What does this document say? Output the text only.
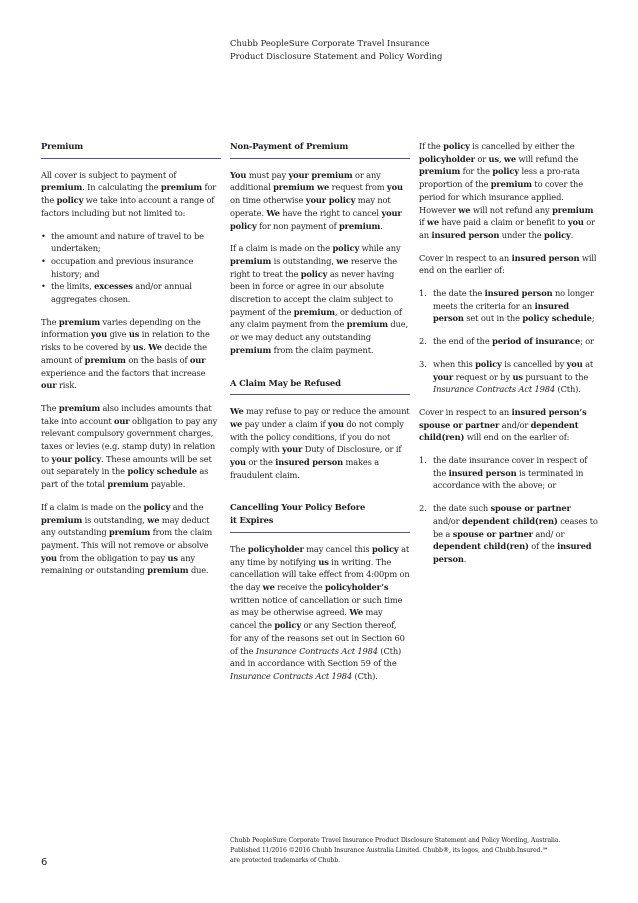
Chubb PeopleSure Corporate Travel Insurance
Product Disclosure Statement and Policy Wording
Premium

All cover is subject to payment of premium. In calculating the premium for the policy we take into account a range of factors including but not limited to:

• the amount and nature of travel to be undertaken;
• occupation and previous insurance history; and
• the limits, excesses and/or annual aggregates chosen.

The premium varies depending on the information you give us in relation to the risks to be covered by us. We decide the amount of premium on the basis of our experience and the factors that increase our risk.

The premium also includes amounts that take into account our obligation to pay any relevant compulsory government charges, taxes or levies (e.g. stamp duty) in relation to your policy. These amounts will be set out separately in the policy schedule as part of the total premium payable.

If a claim is made on the policy and the premium is outstanding, we may deduct any outstanding premium from the claim payment. This will not remove or absolve you from the obligation to pay us any remaining or outstanding premium due.

Non-Payment of Premium

You must pay your premium or any additional premium we request from you on time otherwise your policy may not operate. We have the right to cancel your policy for non payment of premium.

If a claim is made on the policy while any premium is outstanding, we reserve the right to treat the policy as never having been in force or agree in our absolute discretion to accept the claim subject to payment of the premium, or deduction of any claim payment from the premium due, or we may deduct any outstanding premium from the claim payment.

A Claim May be Refused

We may refuse to pay or reduce the amount we pay under a claim if you do not comply with the policy conditions, if you do not comply with your Duty of Disclosure, or if you or the insured person makes a fraudulent claim.

Cancelling Your Policy Before
it Expires

The policyholder may cancel this policy at any time by notifying us in writing. The cancellation will take effect from 4:00pm on the day we receive the policyholder’s written notice of cancellation or such time as may be otherwise agreed. We may cancel the policy or any Section thereof, for any of the reasons set out in Section 60 of the Insurance Contracts Act 1984 (Cth) and in accordance with Section 59 of the Insurance Contracts Act 1984 (Cth).

If the policy is cancelled by either the policyholder or us, we will refund the premium for the policy less a pro-rata proportion of the premium to cover the period for which insurance applied. However we will not refund any premium if we have paid a claim or benefit to you or an insured person under the policy.

Cover in respect to an insured person will end on the earlier of:

1. the date the insured person no longer meets the criteria for an insured person set out in the policy schedule;
2. the end of the period of insurance; or
3. when this policy is cancelled by you at your request or by us pursuant to the Insurance Contracts Act 1984 (Cth).

Cover in respect to an insured person’s spouse or partner and/or dependent child(ren) will end on the earlier of:

1. the date insurance cover in respect of the insured person is terminated in accordance with the above; or
2. the date such spouse or partner and/or dependent child(ren) ceases to be a spouse or partner and/ or dependent child(ren) of the insured person.
6
Chubb PeopleSure Corporate Travel Insurance Product Disclosure Statement and Policy Wording, Australia.
Published 11/2016 ©2016 Chubb Insurance Australia Limited. Chubb®, its logos, and Chubb.Insured.℠
are protected trademarks of Chubb.
